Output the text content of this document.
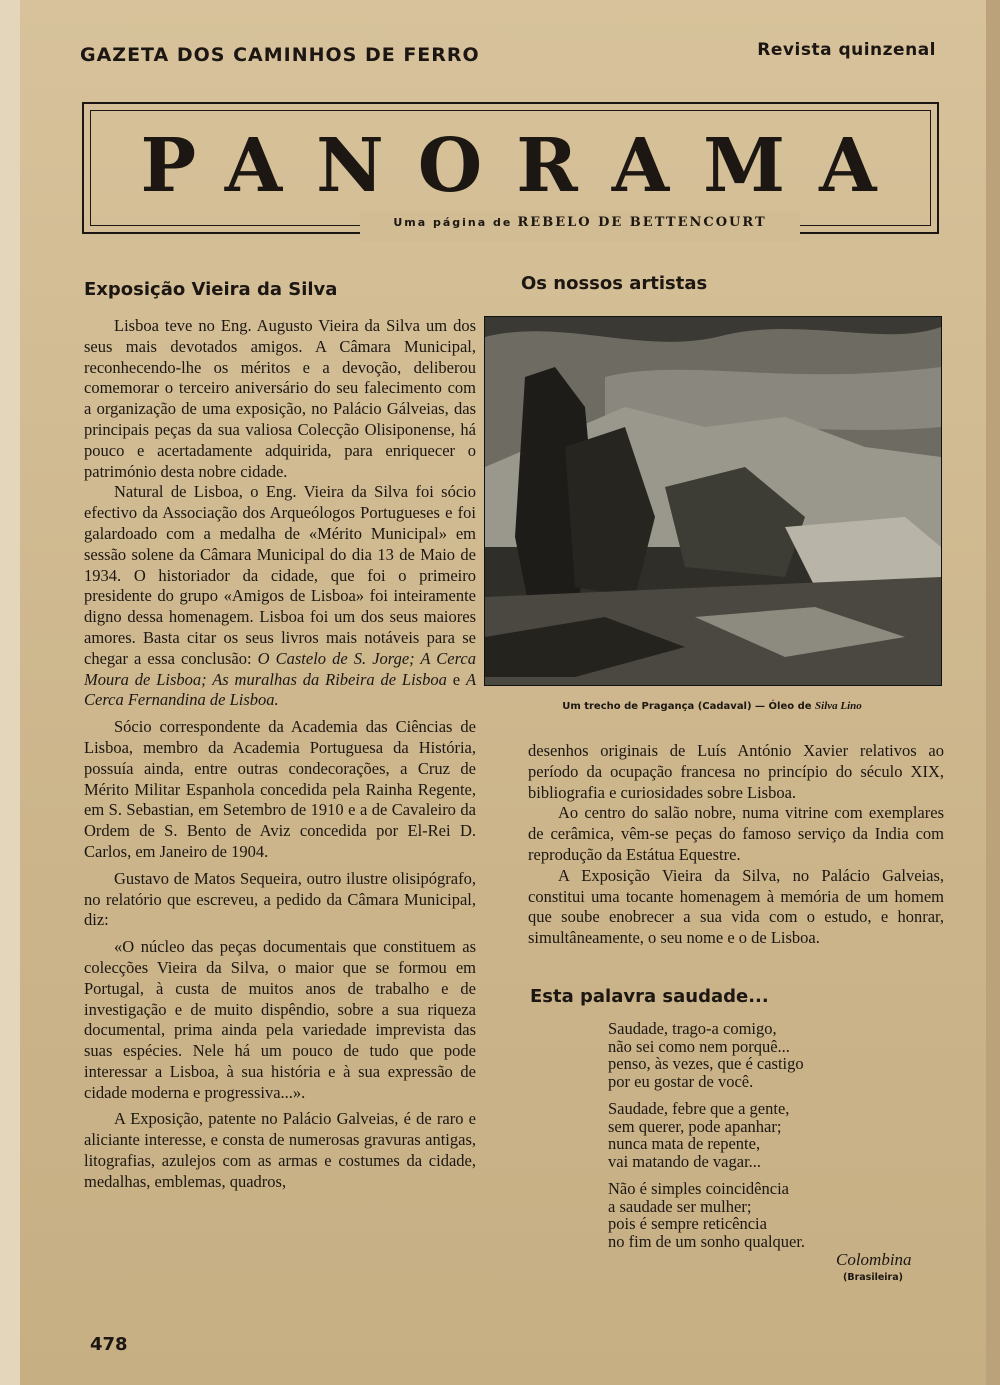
GAZETA DOS CAMINHOS DE FERRO	Revista quinzenal
PANORAMA
Uma página de REBELO DE BETTENCOURT
Exposição Vieira da Silva

Lisboa teve no Eng. Augusto Vieira da Silva um dos seus mais devotados amigos. A Câmara Municipal, reconhecendo-lhe os méritos e a devoção, deliberou comemorar o terceiro aniversário do seu falecimento com a organização de uma exposição, no Palácio Gálveias, das principais peças da sua valiosa Colecção Olisiponense, há pouco e acertadamente adquirida, para enriquecer o património desta nobre cidade.

Natural de Lisboa, o Eng. Vieira da Silva foi sócio efectivo da Associação dos Arqueólogos Portugueses e foi galardoado com a medalha de «Mérito Municipal» em sessão solene da Câmara Municipal do dia 13 de Maio de 1934. O historiador da cidade, que foi o primeiro presidente do grupo «Amigos de Lisboa» foi inteiramente digno dessa homenagem. Lisboa foi um dos seus maiores amores. Basta citar os seus livros mais notáveis para se chegar a essa conclusão: O Castelo de S. Jorge; A Cerca Moura de Lisboa; As muralhas da Ribeira de Lisboa e A Cerca Fernandina de Lisboa.

Sócio correspondente da Academia das Ciências de Lisboa, membro da Academia Portuguesa da História, possuía ainda, entre outras condecorações, a Cruz de Mérito Militar Espanhola concedida pela Rainha Regente, em S. Sebastian, em Setembro de 1910 e a de Cavaleiro da Ordem de S. Bento de Aviz concedida por El-Rei D. Carlos, em Janeiro de 1904.

Gustavo de Matos Sequeira, outro ilustre olisipógrafo, no relatório que escreveu, a pedido da Câmara Municipal, diz:

«O núcleo das peças documentais que constituem as colecções Vieira da Silva, o maior que se formou em Portugal, à custa de muitos anos de trabalho e de investigação e de muito dispêndio, sobre a sua riqueza documental, prima ainda pela variedade imprevista das suas espécies. Nele há um pouco de tudo que pode interessar a Lisboa, à sua história e à sua expressão de cidade moderna e progressiva...».

A Exposição, patente no Palácio Galveias, é de raro e aliciante interesse, e consta de numerosas gravuras antigas, litografias, azulejos com as armas e costumes da cidade, medalhas, emblemas, quadros,

Os nossos artistas
Um trecho de Pragança (Cadaval) — Óleo de Silva Lino

desenhos originais de Luís António Xavier relativos ao período da ocupação francesa no princípio do século XIX, bibliografia e curiosidades sobre Lisboa.

Ao centro do salão nobre, numa vitrine com exemplares de cerâmica, vêm-se peças do famoso serviço da India com reprodução da Estátua Equestre.

A Exposição Vieira da Silva, no Palácio Galveias, constitui uma tocante homenagem à memória de um homem que soube enobrecer a sua vida com o estudo, e honrar, simultâneamente, o seu nome e o de Lisboa.

Esta palavra saudade...
Saudade, trago-a comigo,
não sei como nem porquê...
penso, às vezes, que é castigo
por eu gostar de você.
Saudade, febre que a gente,
sem querer, pode apanhar;
nunca mata de repente,
vai matando de vagar...
Não é simples coincidência
a saudade ser mulher;
pois é sempre reticência
no fim de um sonho qualquer.
Colombina
(Brasileira)
478
